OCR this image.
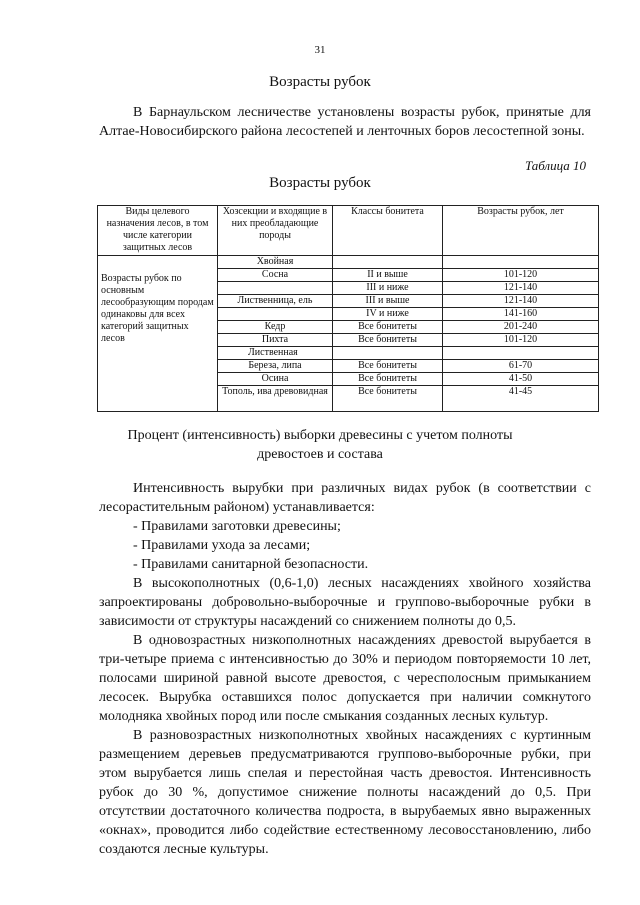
31
Возрасты рубок

В Барнаульском лесничестве установлены возрасты рубок, принятые для Алтае-Новосибирского района лесостепей и ленточных боров лесостепной зоны.

Таблица 10
Возрасты рубок
Виды целевого назначения лесов, в том числе категории защитных лесов	Хозсекции и входящие в них преобладающие породы	Классы бонитета	Возрасты рубок, лет
Возрасты рубок по основным лесообразующим породам одинаковы для всех категорий защитных лесов	Хвойная		
	Сосна	II и выше	101-120
		III и ниже	121-140
	Лиственница, ель	III и выше	121-140
		IV и ниже	141-160
	Кедр	Все бонитеты	201-240
	Пихта	Все бонитеты	101-120
	Лиственная		
	Береза, липа	Все бонитеты	61-70
	Осина	Все бонитеты	41-50
	Тополь, ива древовидная	Все бонитеты	41-45
Процент (интенсивность) выборки древесины с учетом полноты древостоев и состава

Интенсивность вырубки при различных видах рубок (в соответствии с лесорастительным районом) устанавливается:

- Правилами заготовки древесины;
- Правилами ухода за лесами;
- Правилами санитарной безопасности.

В высокополнотных (0,6-1,0) лесных насаждениях хвойного хозяйства запроектированы добровольно-выборочные и группово-выборочные рубки в зависимости от структуры насаждений со снижением полноты до 0,5.

В одновозрастных низкополнотных насаждениях древостой вырубается в три-четыре приема с интенсивностью до 30% и периодом повторяемости 10 лет, полосами шириной равной высоте древостоя, с чересполосным примыканием лесосек. Вырубка оставшихся полос допускается при наличии сомкнутого молодняка хвойных пород или после смыкания созданных лесных культур.

В разновозрастных низкополнотных хвойных насаждениях с куртинным размещением деревьев предусматриваются группово-выборочные рубки, при этом вырубается лишь спелая и перестойная часть древостоя. Интенсивность рубок до 30 %, допустимое снижение полноты насаждений до 0,5. При отсутствии достаточного количества подроста, в вырубаемых явно выраженных «окнах», проводится либо содействие естественному лесовосстановлению, либо создаются лесные культуры.
